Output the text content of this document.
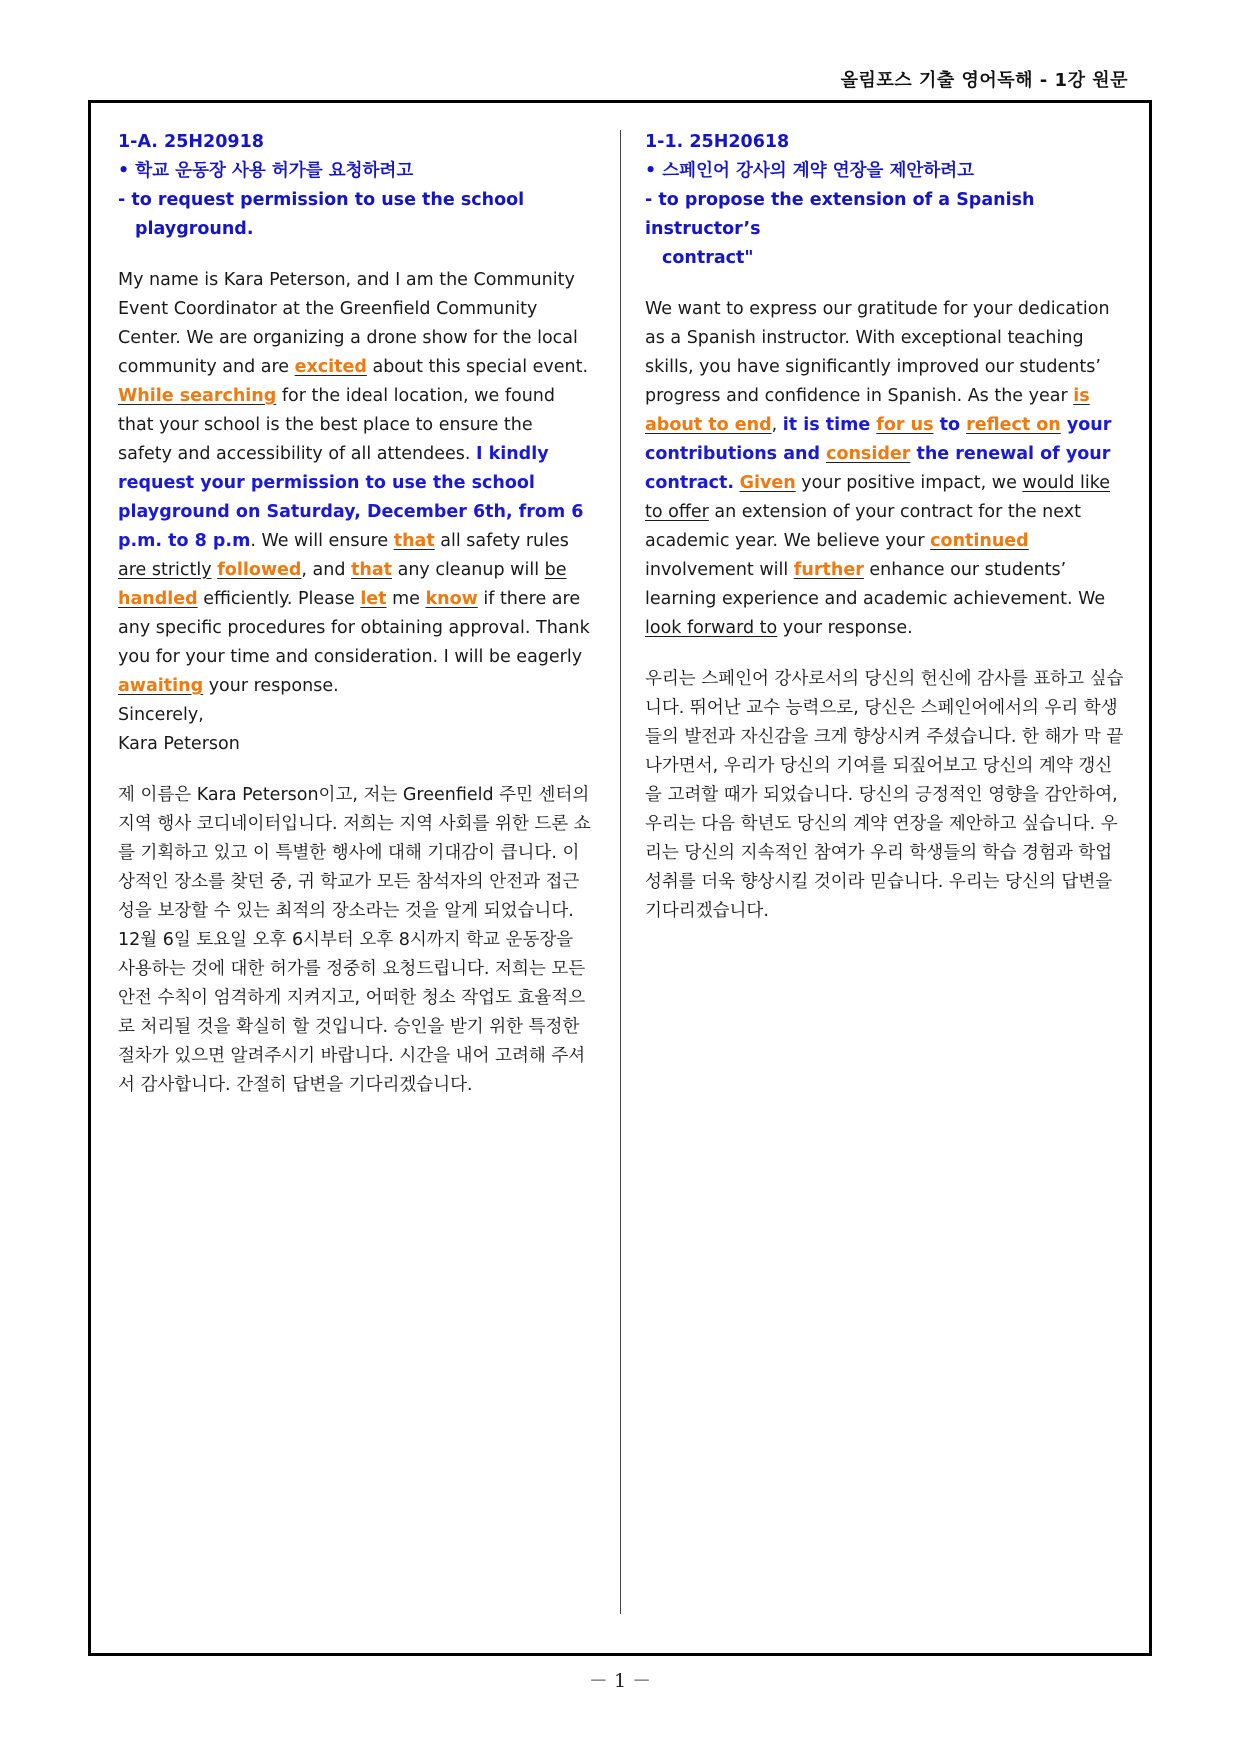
올림포스 기출 영어독해 - 1강 원문
1-A. 25H20918
• 학교 운동장 사용 허가를 요청하려고
- to request permission to use the school
playground.
My name is Kara Peterson, and I am the Community Event Coordinator at the Greenfield Community Center. We are organizing a drone show for the local community and are excited about this special event. While searching for the ideal location, we found that your school is the best place to ensure the safety and accessibility of all attendees. I kindly request your permission to use the school playground on Saturday, December 6th, from 6 p.m. to 8 p.m. We will ensure that all safety rules are strictly followed, and that any cleanup will be handled efficiently. Please let me know if there are any specific procedures for obtaining approval. Thank you for your time and consideration. I will be eagerly awaiting your response.
Sincerely,
Kara Peterson
제 이름은 Kara Peterson이고, 저는 Greenfield 주민 센터의 지역 행사 코디네이터입니다. 저희는 지역 사회를 위한 드론 쇼를 기획하고 있고 이 특별한 행사에 대해 기대감이 큽니다. 이상적인 장소를 찾던 중, 귀 학교가 모든 참석자의 안전과 접근성을 보장할 수 있는 최적의 장소라는 것을 알게 되었습니다. 12월 6일 토요일 오후 6시부터 오후 8시까지 학교 운동장을 사용하는 것에 대한 허가를 정중히 요청드립니다. 저희는 모든 안전 수칙이 엄격하게 지켜지고, 어떠한 청소 작업도 효율적으로 처리될 것을 확실히 할 것입니다. 승인을 받기 위한 특정한 절차가 있으면 알려주시기 바랍니다. 시간을 내어 고려해 주셔서 감사합니다. 간절히 답변을 기다리겠습니다.
1-1. 25H20618
• 스페인어 강사의 계약 연장을 제안하려고
- to propose the extension of a Spanish instructor’s
contract"
We want to express our gratitude for your dedication as a Spanish instructor. With exceptional teaching skills, you have significantly improved our students’ progress and confidence in Spanish. As the year is about to end, it is time for us to reflect on your contributions and consider the renewal of your contract. Given your positive impact, we would like to offer an extension of your contract for the next academic year. We believe your continued involvement will further enhance our students’ learning experience and academic achievement. We look forward to your response.
우리는 스페인어 강사로서의 당신의 헌신에 감사를 표하고 싶습니다. 뛰어난 교수 능력으로, 당신은 스페인어에서의 우리 학생들의 발전과 자신감을 크게 향상시켜 주셨습니다. 한 해가 막 끝나가면서, 우리가 당신의 기여를 되짚어보고 당신의 계약 갱신을 고려할 때가 되었습니다. 당신의 긍정적인 영향을 감안하여, 우리는 다음 학년도 당신의 계약 연장을 제안하고 싶습니다. 우리는 당신의 지속적인 참여가 우리 학생들의 학습 경험과 학업 성취를 더욱 향상시킬 것이라 믿습니다. 우리는 당신의 답변을 기다리겠습니다.
－ 1 －
